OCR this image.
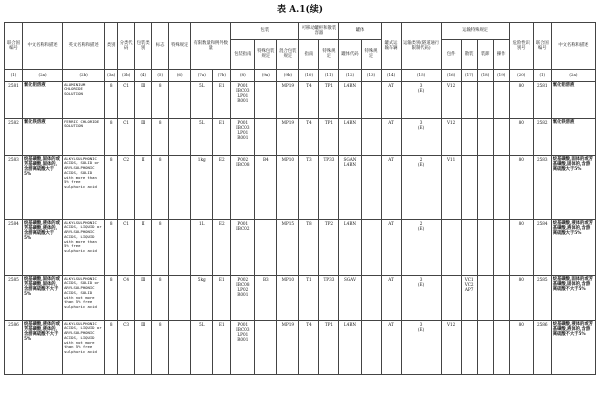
表 A.1(续)
联合国编号	中文名称和描述	英文名称和描述	类别	分类代码	包装类别	标志	特殊规定	有限数量和例外数量		包装			可移动罐柜和散装容器		罐体		罐式运输车辆	运输类别(隧道通行限制代码)	运输特殊规定				危险性识别号	联合国编号	中文名称和描述
										包装指南	特殊包装规定	混合包装规定	指南	特殊规定	罐体代码	特殊规定			包件	散装	装卸	操作			
(1)	(2a)	(2b)	(3a)	(3b)	(4)	(5)	(6)	(7a)	(7b)	(8)	(9a)	(9b)	(10)	(11)	(12)	(13)	(14)	(15)	(16)	(17)	(18)	(19)	(20)	(1)	(2a)
2581	氯化铝溶液	ALUMINIUM CHLORIDE SOLUTION	8	C1	Ⅲ	8		5L	E1	P001
IBC03
LP01
R001		MP19	T4	TP1	L4BN		AT	3
(E)	V12				80	2581	氯化铝溶液
2582	氯化铁溶液	FERRIC CHLORIDE SOLUTION	8	C1	Ⅲ	8		5L	E1	P001
IBC03
LP01
R001		MP19	T4	TP1	L4BN		AT	3
(E)	V12				80	2582	氯化铁溶液
2583	烷基磺酸,固体的或芳基磺酸,固体的,含游离硫酸大于5%	ALKYLSULPHONIC ACIDS, SOLID or ARYLSULPHONIC ACIDS, SOLID with more than 5% free sulphuric acid	8	C2	Ⅱ	8		1kg	E2	P002
IBC08	B4	MP10	T3	TP33	SGAN
L4BN		AT	2
(E)	V11				80	2583	烷基磺酸,固体的或芳基磺酸,固体的,含游离硫酸大于5%
2584	烷基磺酸,液体的或芳基磺酸,液体的,含游离硫酸大于5%	ALKYLSULPHONIC ACIDS, LIQUID or ARYLSULPHONIC ACIDS, LIQUID with more than 5% free sulphuric acid	8	C1	Ⅱ	8		1L	E2	P001
IBC02		MP15	T8	TP2	L4BN		AT	2
(E)					80	2584	烷基磺酸,液体的或芳基磺酸,液体的,含游离硫酸大于5%
2585	烷基磺酸,固体的或芳基磺酸,固体的,含游离硫酸不大于5%	ALKYLSULPHONIC ACIDS, SOLID or ARYLSULPHONIC ACIDS, SOLID with not more than 5% free sulphuric acid	8	C4	Ⅲ	8		5kg	E1	P002
IBC08
LP02
R001	B3	MP10	T1	TP33	SGAV		AT	3
(E)		VC1
VC2
AP7			80	2585	烷基磺酸,固体的或芳基磺酸,固体的,含游离硫酸不大于5%
2586	烷基磺酸,液体的或芳基磺酸,液体的,含游离硫酸不大于5%	ALKYLSULPHONIC ACIDS, LIQUID or ARYLSULPHONIC ACIDS, LIQUID with not more than 5% free sulphuric acid	8	C3	Ⅲ	8		5L	E1	P001
IBC03
LP01
R001		MP19	T4	TP1	L4BN		AT	3
(E)	V12				80	2586	烷基磺酸,液体的或芳基磺酸,液体的,含游离硫酸不大于5%
